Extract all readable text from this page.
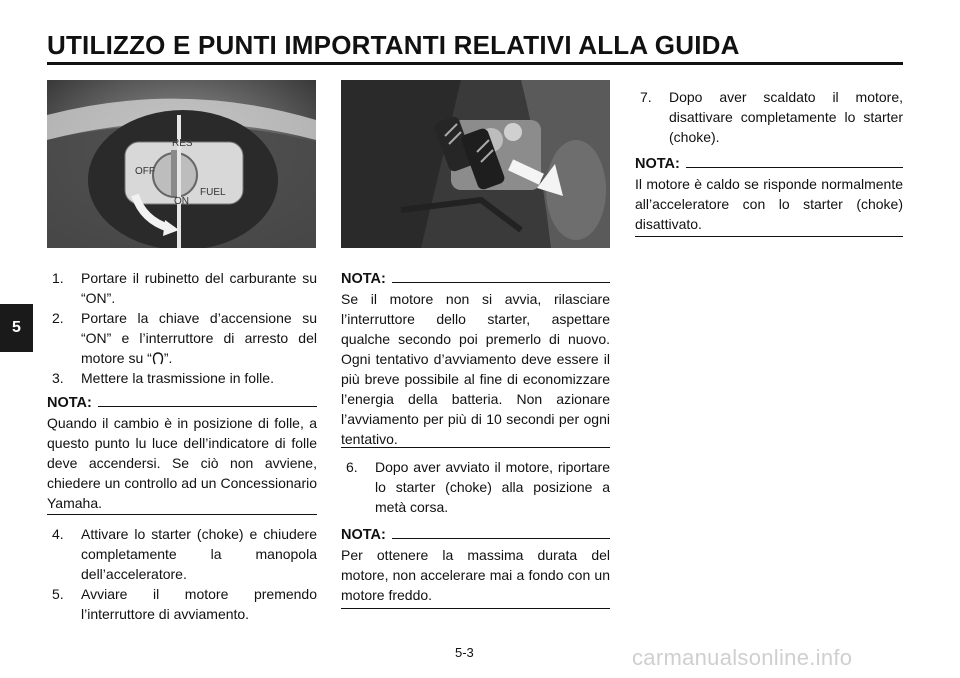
UTILIZZO E PUNTI IMPORTANTI RELATIVI ALLA GUIDA
5
RES
OFF
ON
FUEL
1.	Portare il rubinetto del carburante su “ON”.
2.	Portare la chiave d’accensione su “ON” e l’interruttore di arresto del motore su “ ”.
3.	Mettere la trasmissione in folle.
NOTA:
Quando il cambio è in posizione di folle, a questo punto lu luce dell’indicatore di folle deve accendersi. Se ciò non avviene, chiedere un controllo ad un Concessionario Yamaha.
4.	Attivare lo starter (choke) e chiudere completamente la manopola dell’acceleratore.
5.	Avviare il motore premendo l’interruttore di avviamento.
NOTA:
Se il motore non si avvia, rilasciare l’interruttore dello starter, aspettare qualche secondo poi premerlo di nuovo. Ogni tentativo d’avviamento deve essere il più breve possibile al fine di economizzare l’energia della batteria. Non azionare l’avviamento per più di 10 secondi per ogni tentativo.
6.	Dopo aver avviato il motore, riportare lo starter (choke) alla posizione a metà corsa.
NOTA:
Per ottenere la massima durata del motore, non accelerare mai a fondo con un motore freddo.
7.	Dopo aver scaldato il motore, disattivare completamente lo starter (choke).
NOTA:
Il motore è caldo se risponde normalmente all’acceleratore con lo starter (choke) disattivato.
5-3	carmanualsonline.info
